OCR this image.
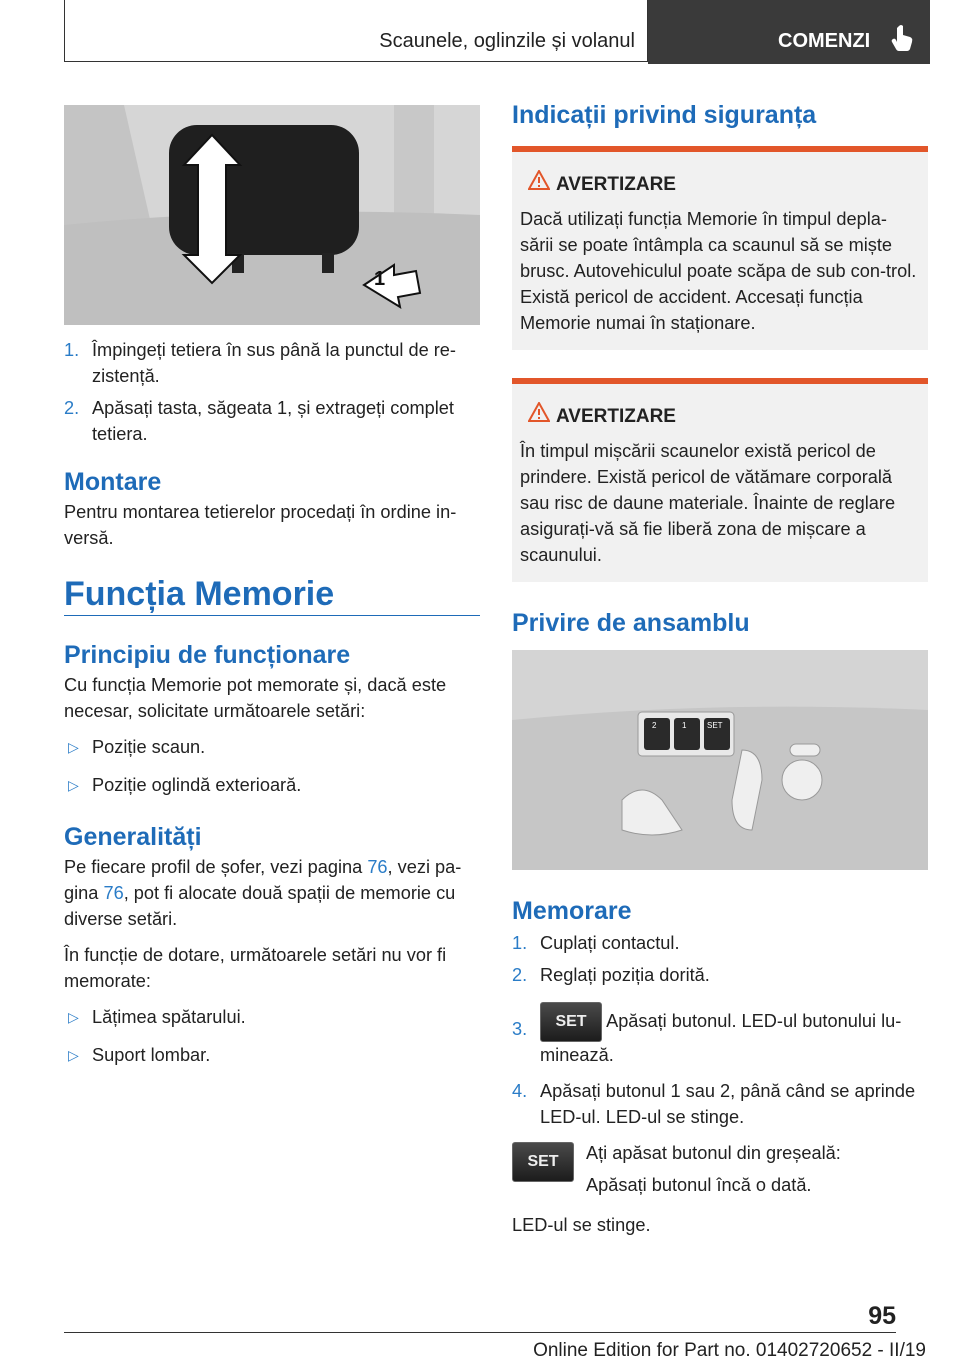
Scaunele, oglinzile și volanul	COMENZI
1
1. Împingeți tetiera în sus până la punctul de re-zistență.
2. Apăsați tasta, săgeata 1, și extrageți complet tetiera.
Montare

Pentru montarea tetierelor procedați în ordine in-versă.

Funcția Memorie
Principiu de funcționare

Cu funcția Memorie pot memorate și, dacă este necesar, solicitate următoarele setări:

▷ Poziție scaun.
▷ Poziție oglindă exterioară.
Generalități

Pe fiecare profil de șofer, vezi pagina 76, vezi pa-gina 76, pot fi alocate două spații de memorie cu diverse setări.

În funcție de dotare, următoarele setări nu vor fi memorate:

▷ Lățimea spătarului.
▷ Suport lombar.
Indicații privind siguranța
AVERTIZARE
Dacă utilizați funcția Memorie în timpul depla-sării se poate întâmpla ca scaunul să se miște brusc. Autovehiculul poate scăpa de sub con-trol. Există pericol de accident. Accesați funcția Memorie numai în staționare.
AVERTIZARE
În timpul mișcării scaunelor există pericol de prindere. Există pericol de vătămare corporală sau risc de daune materiale. Înainte de reglare asigurați-vă să fie liberă zona de mișcare a scaunului.
Privire de ansamblu
2	1	SET
Memorare
1. Cuplați contactul.
2. Reglați poziția dorită.
3. SET Apăsați butonul. LED-ul butonului lu-minează.
4. Apăsați butonul 1 sau 2, până când se aprinde LED-ul. LED-ul se stinge.
SET	Ați apăsat butonul din greșeală:
Apăsați butonul încă o dată.

LED-ul se stinge.

95
Online Edition for Part no. 01402720652 - II/19
